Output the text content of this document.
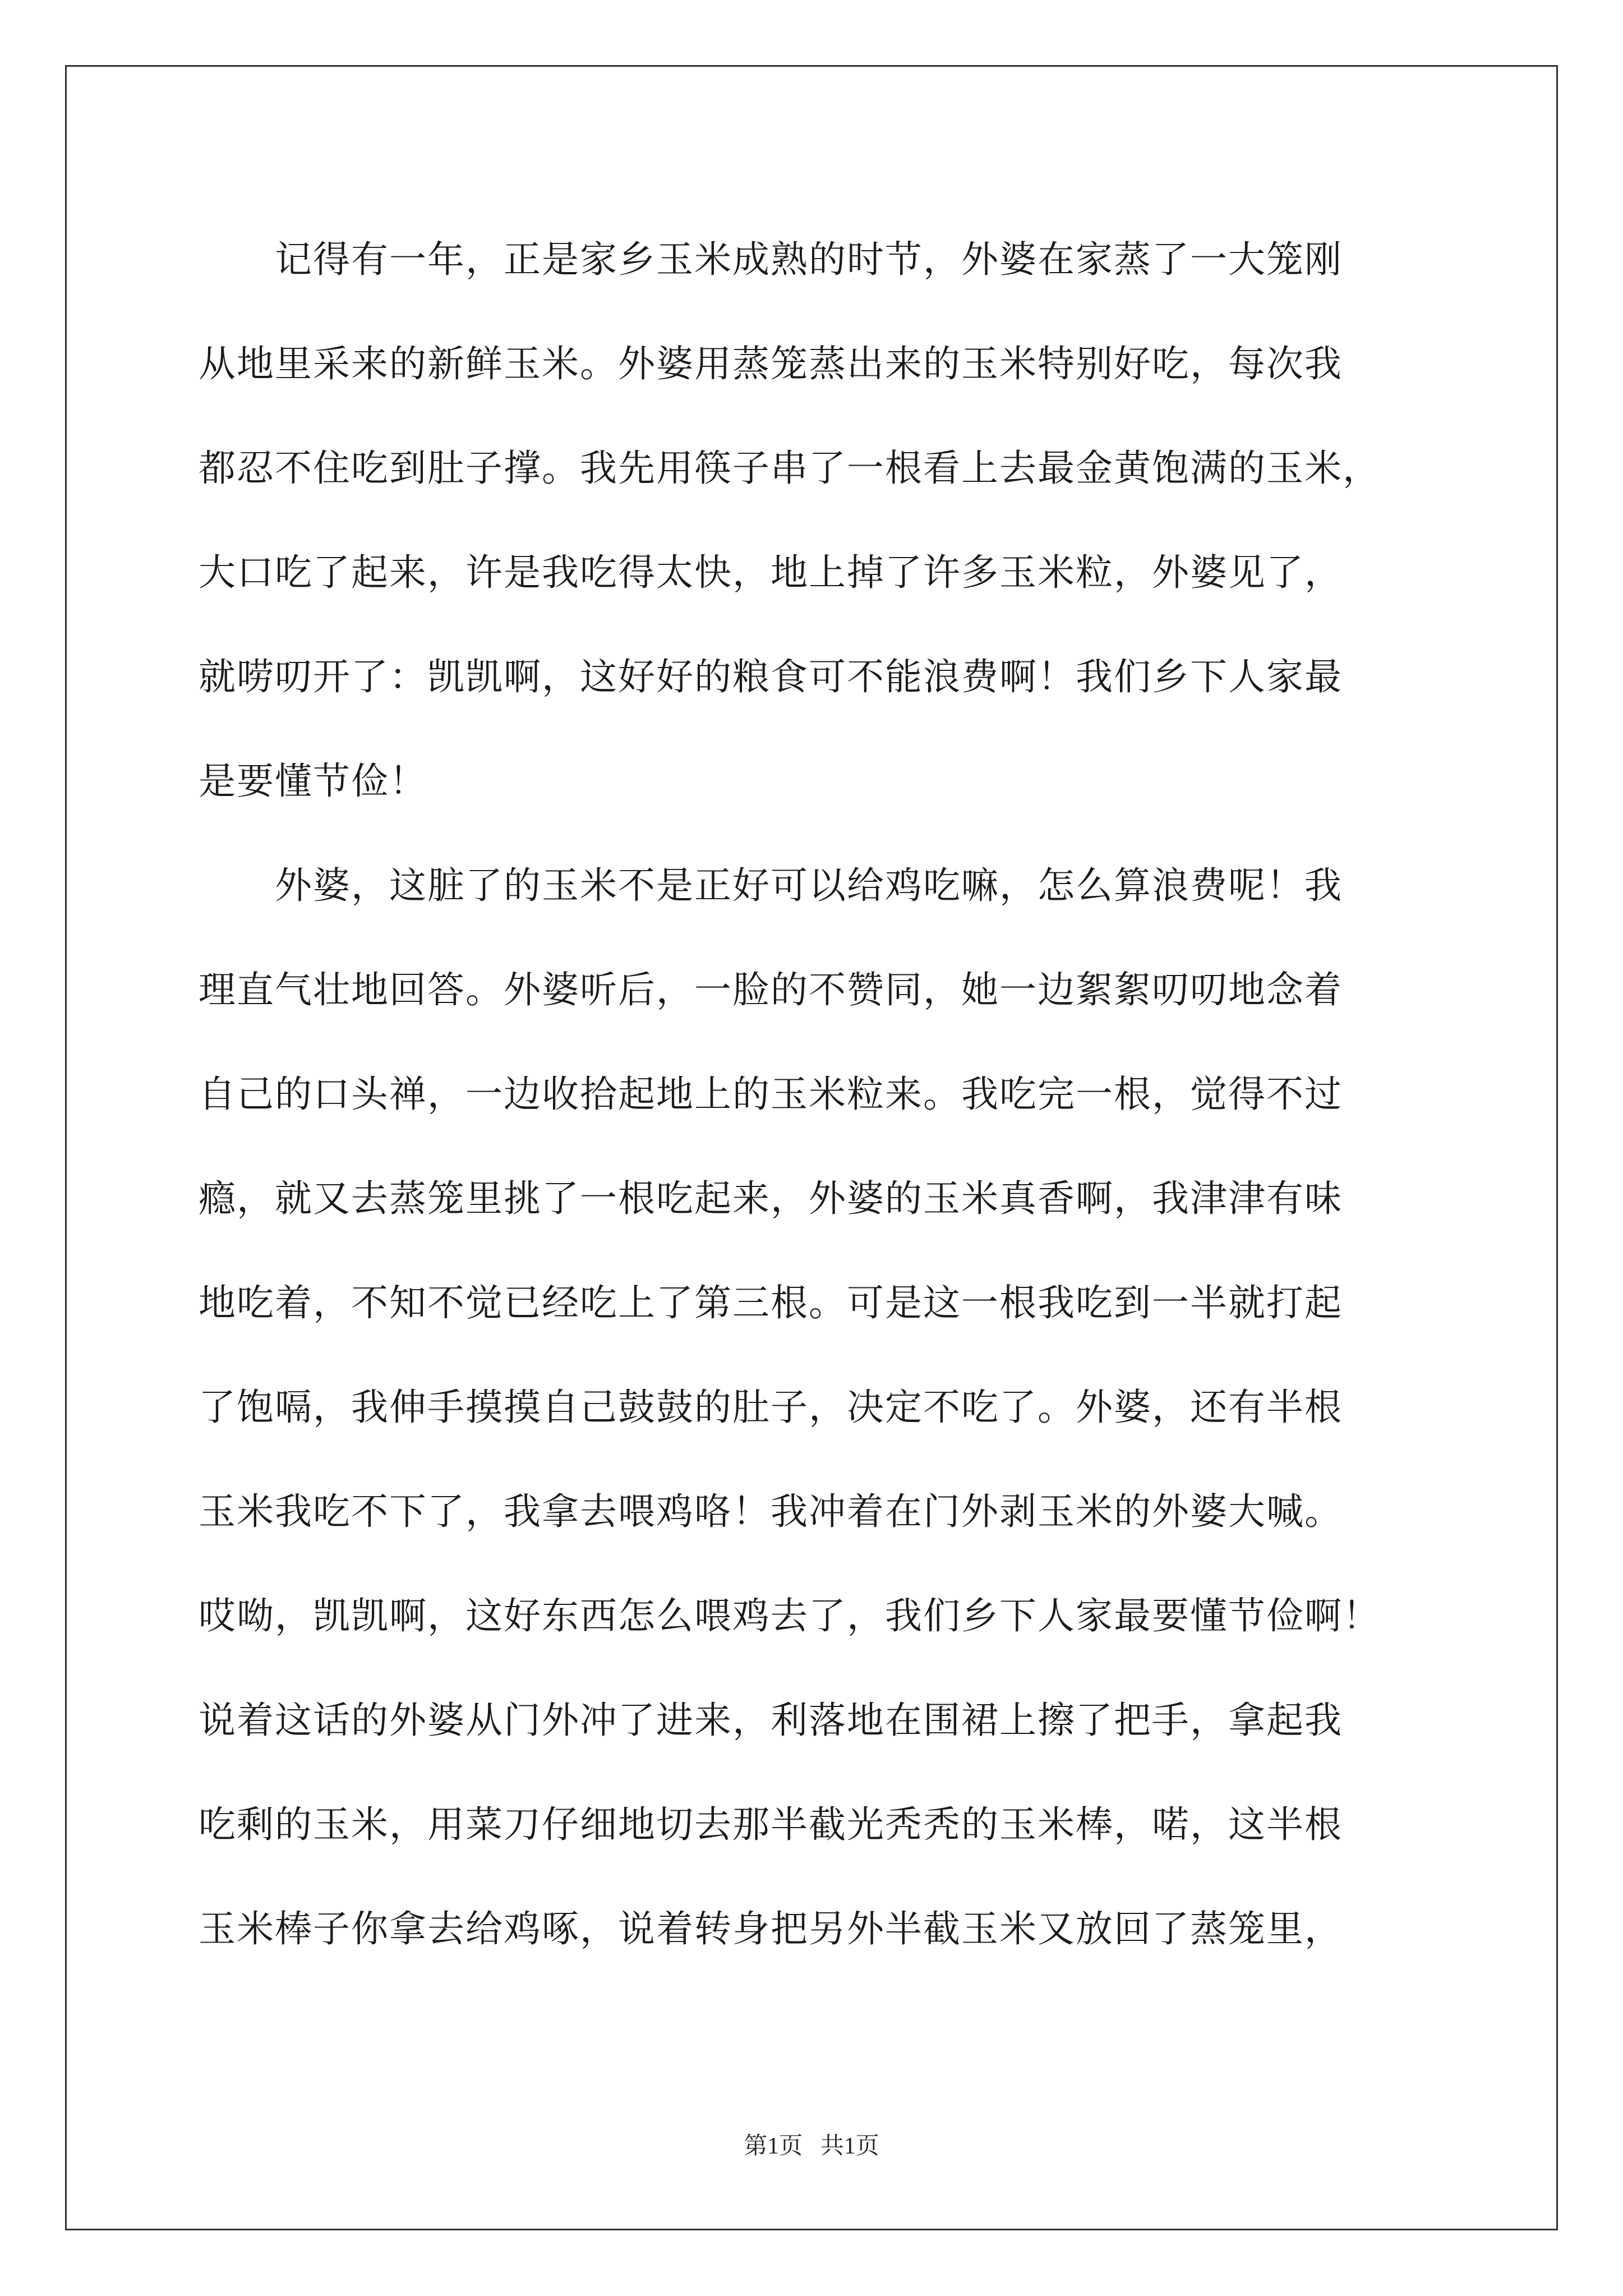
　　记得有一年，正是家乡玉米成熟的时节，外婆在家蒸了一大笼刚
从地里采来的新鲜玉米。外婆用蒸笼蒸出来的玉米特别好吃，每次我
都忍不住吃到肚子撑。我先用筷子串了一根看上去最金黄饱满的玉米，
大口吃了起来，许是我吃得太快，地上掉了许多玉米粒，外婆见了，
就唠叨开了：凯凯啊，这好好的粮食可不能浪费啊！我们乡下人家最
是要懂节俭！
　　外婆，这脏了的玉米不是正好可以给鸡吃嘛，怎么算浪费呢！我
理直气壮地回答。外婆听后，一脸的不赞同，她一边絮絮叨叨地念着
自己的口头禅，一边收拾起地上的玉米粒来。我吃完一根，觉得不过
瘾，就又去蒸笼里挑了一根吃起来，外婆的玉米真香啊，我津津有味
地吃着，不知不觉已经吃上了第三根。可是这一根我吃到一半就打起
了饱嗝，我伸手摸摸自己鼓鼓的肚子，决定不吃了。外婆，还有半根
玉米我吃不下了，我拿去喂鸡咯！我冲着在门外剥玉米的外婆大喊。
哎呦，凯凯啊，这好东西怎么喂鸡去了，我们乡下人家最要懂节俭啊！
说着这话的外婆从门外冲了进来，利落地在围裙上擦了把手，拿起我
吃剩的玉米，用菜刀仔细地切去那半截光秃秃的玉米棒，喏，这半根
玉米棒子你拿去给鸡啄，说着转身把另外半截玉米又放回了蒸笼里，
第1页   共1页
